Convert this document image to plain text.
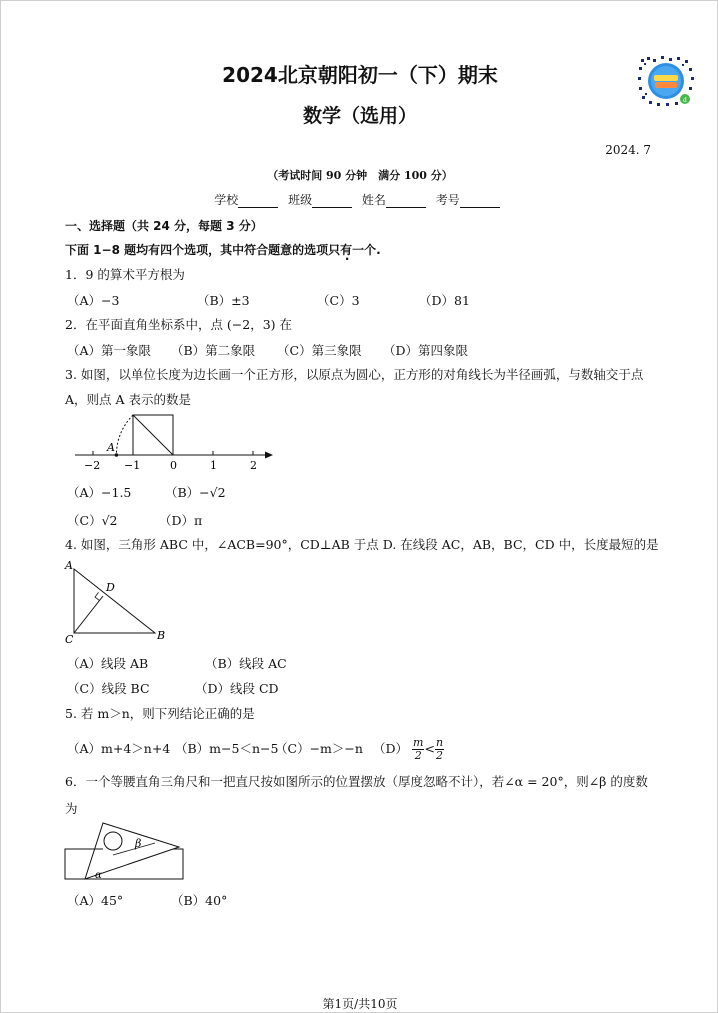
d
2024北京朝阳初一（下）期末
数学（选用）
2024. 7
（考试时间 90 分钟　满分 100 分）
学校	班级	姓名	考号
一、选择题（共 24 分，每题 3 分）
下面 1−8 题均有四个选项，其中符合题意的选项只有一个.
1．9 的算术平方根为
（A）−3	（B）±3	（C）3	（D）81
2．在平面直角坐标系中，点 (−2，3) 在
（A）第一象限 （B）第二象限 （C）第三象限 （D）第四象限
3. 如图，以单位长度为边长画一个正方形，以原点为圆心，正方形的对角线长为半径画弧，与数轴交于点
A，则点 A 表示的数是
A
−2 −1	0	1	2
（A）−1.5	（B）−√2
（C）√2	（D）π
4. 如图，三角形 ABC 中，∠ACB=90°，CD⊥AB 于点 D. 在线段 AC，AB，BC，CD 中，长度最短的是
A
D
C	B
（A）线段 AB	（B）线段 AC
（C）线段 BC	（D）线段 CD
5. 若 m＞n，则下列结论正确的是
（A）m+4＞n+4 （B）m−5＜n−5（C）−m＞−n $(D) \frac{m}{2} < \frac{n}{2}$
6．一个等腰直角三角尺和一把直尺按如图所示的位置摆放（厚度忽略不计），若∠α = 20°，则∠β 的度数
为
β
α
（A）45°	（B）40°
第1页/共10页
